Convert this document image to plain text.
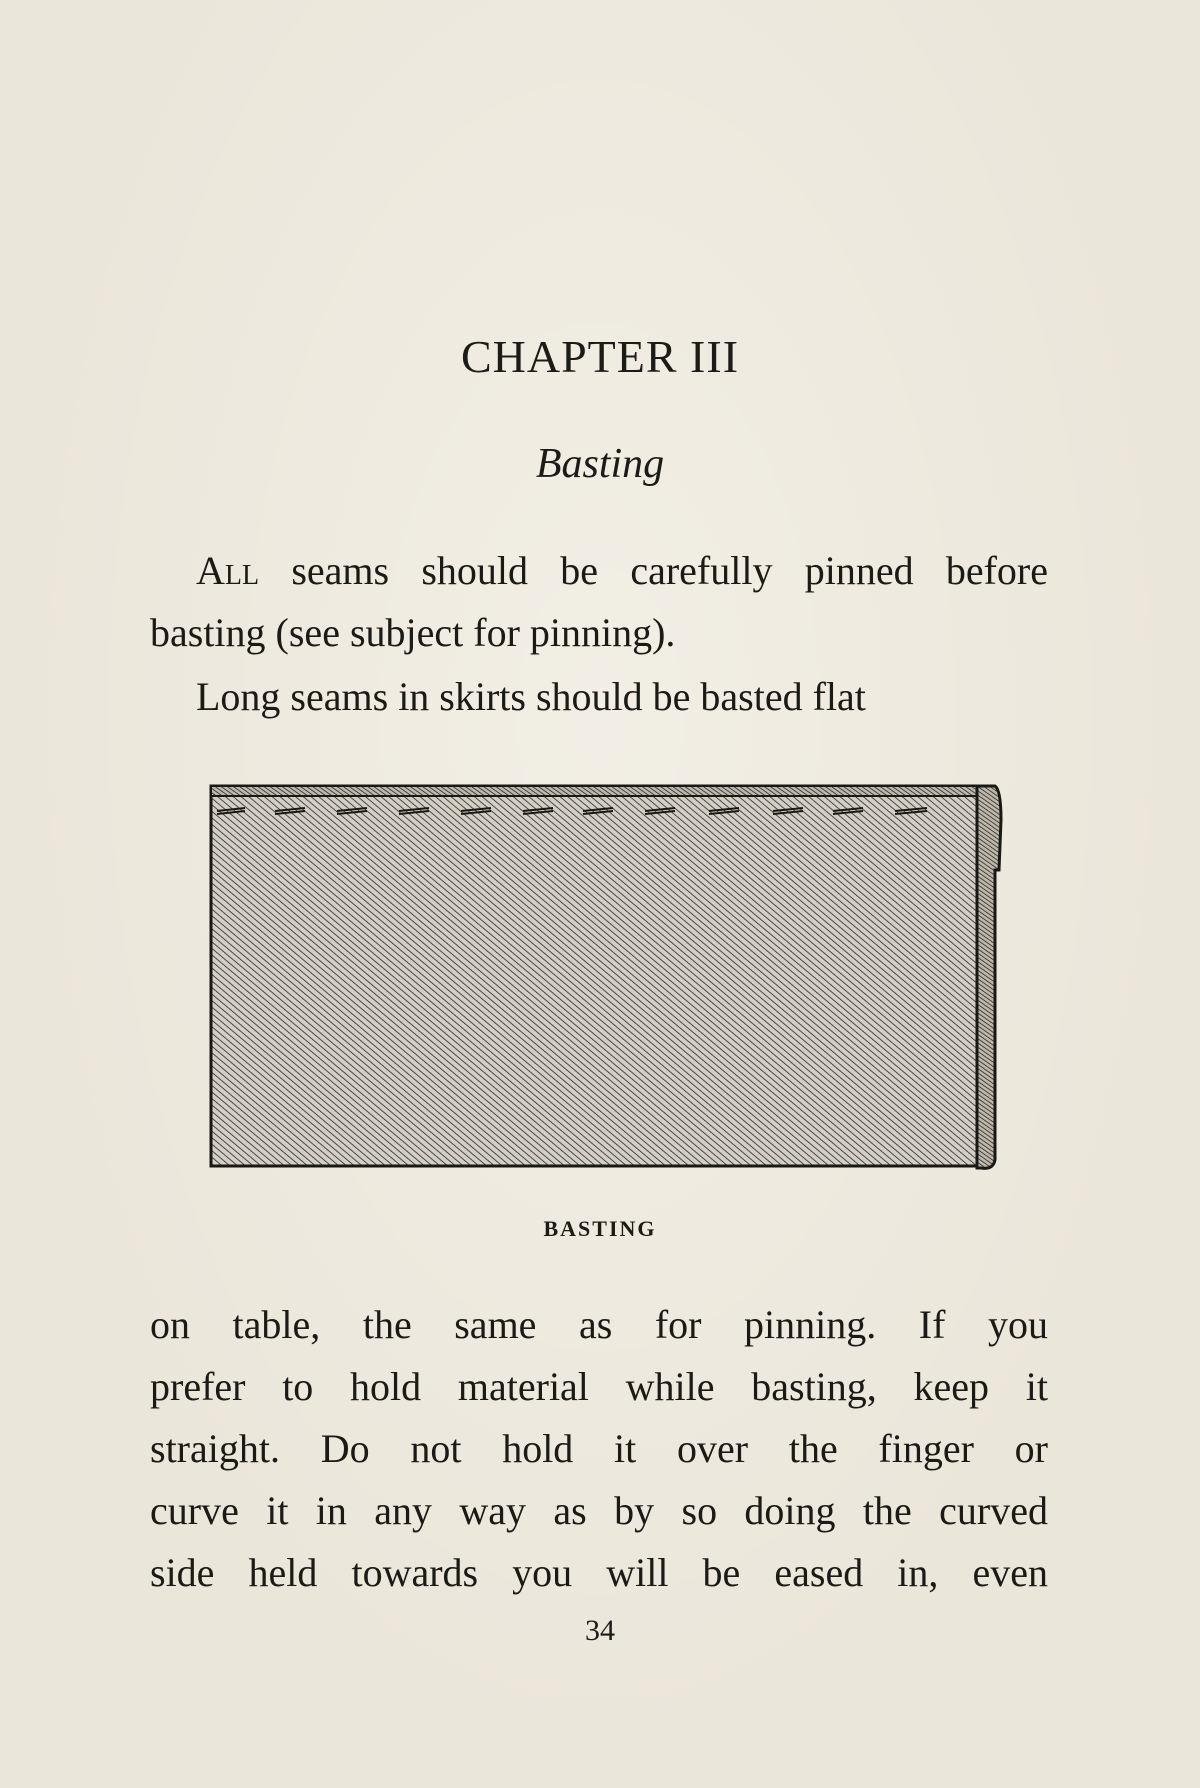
CHAPTER III
Basting
All seams should be carefully pinned before
basting (see subject for pinning).
Long seams in skirts should be basted flat
BASTING
on table, the same as for pinning. If you
prefer to hold material while basting, keep it
straight. Do not hold it over the finger or
curve it in any way as by so doing the curved
side held towards you will be eased in, even
34
